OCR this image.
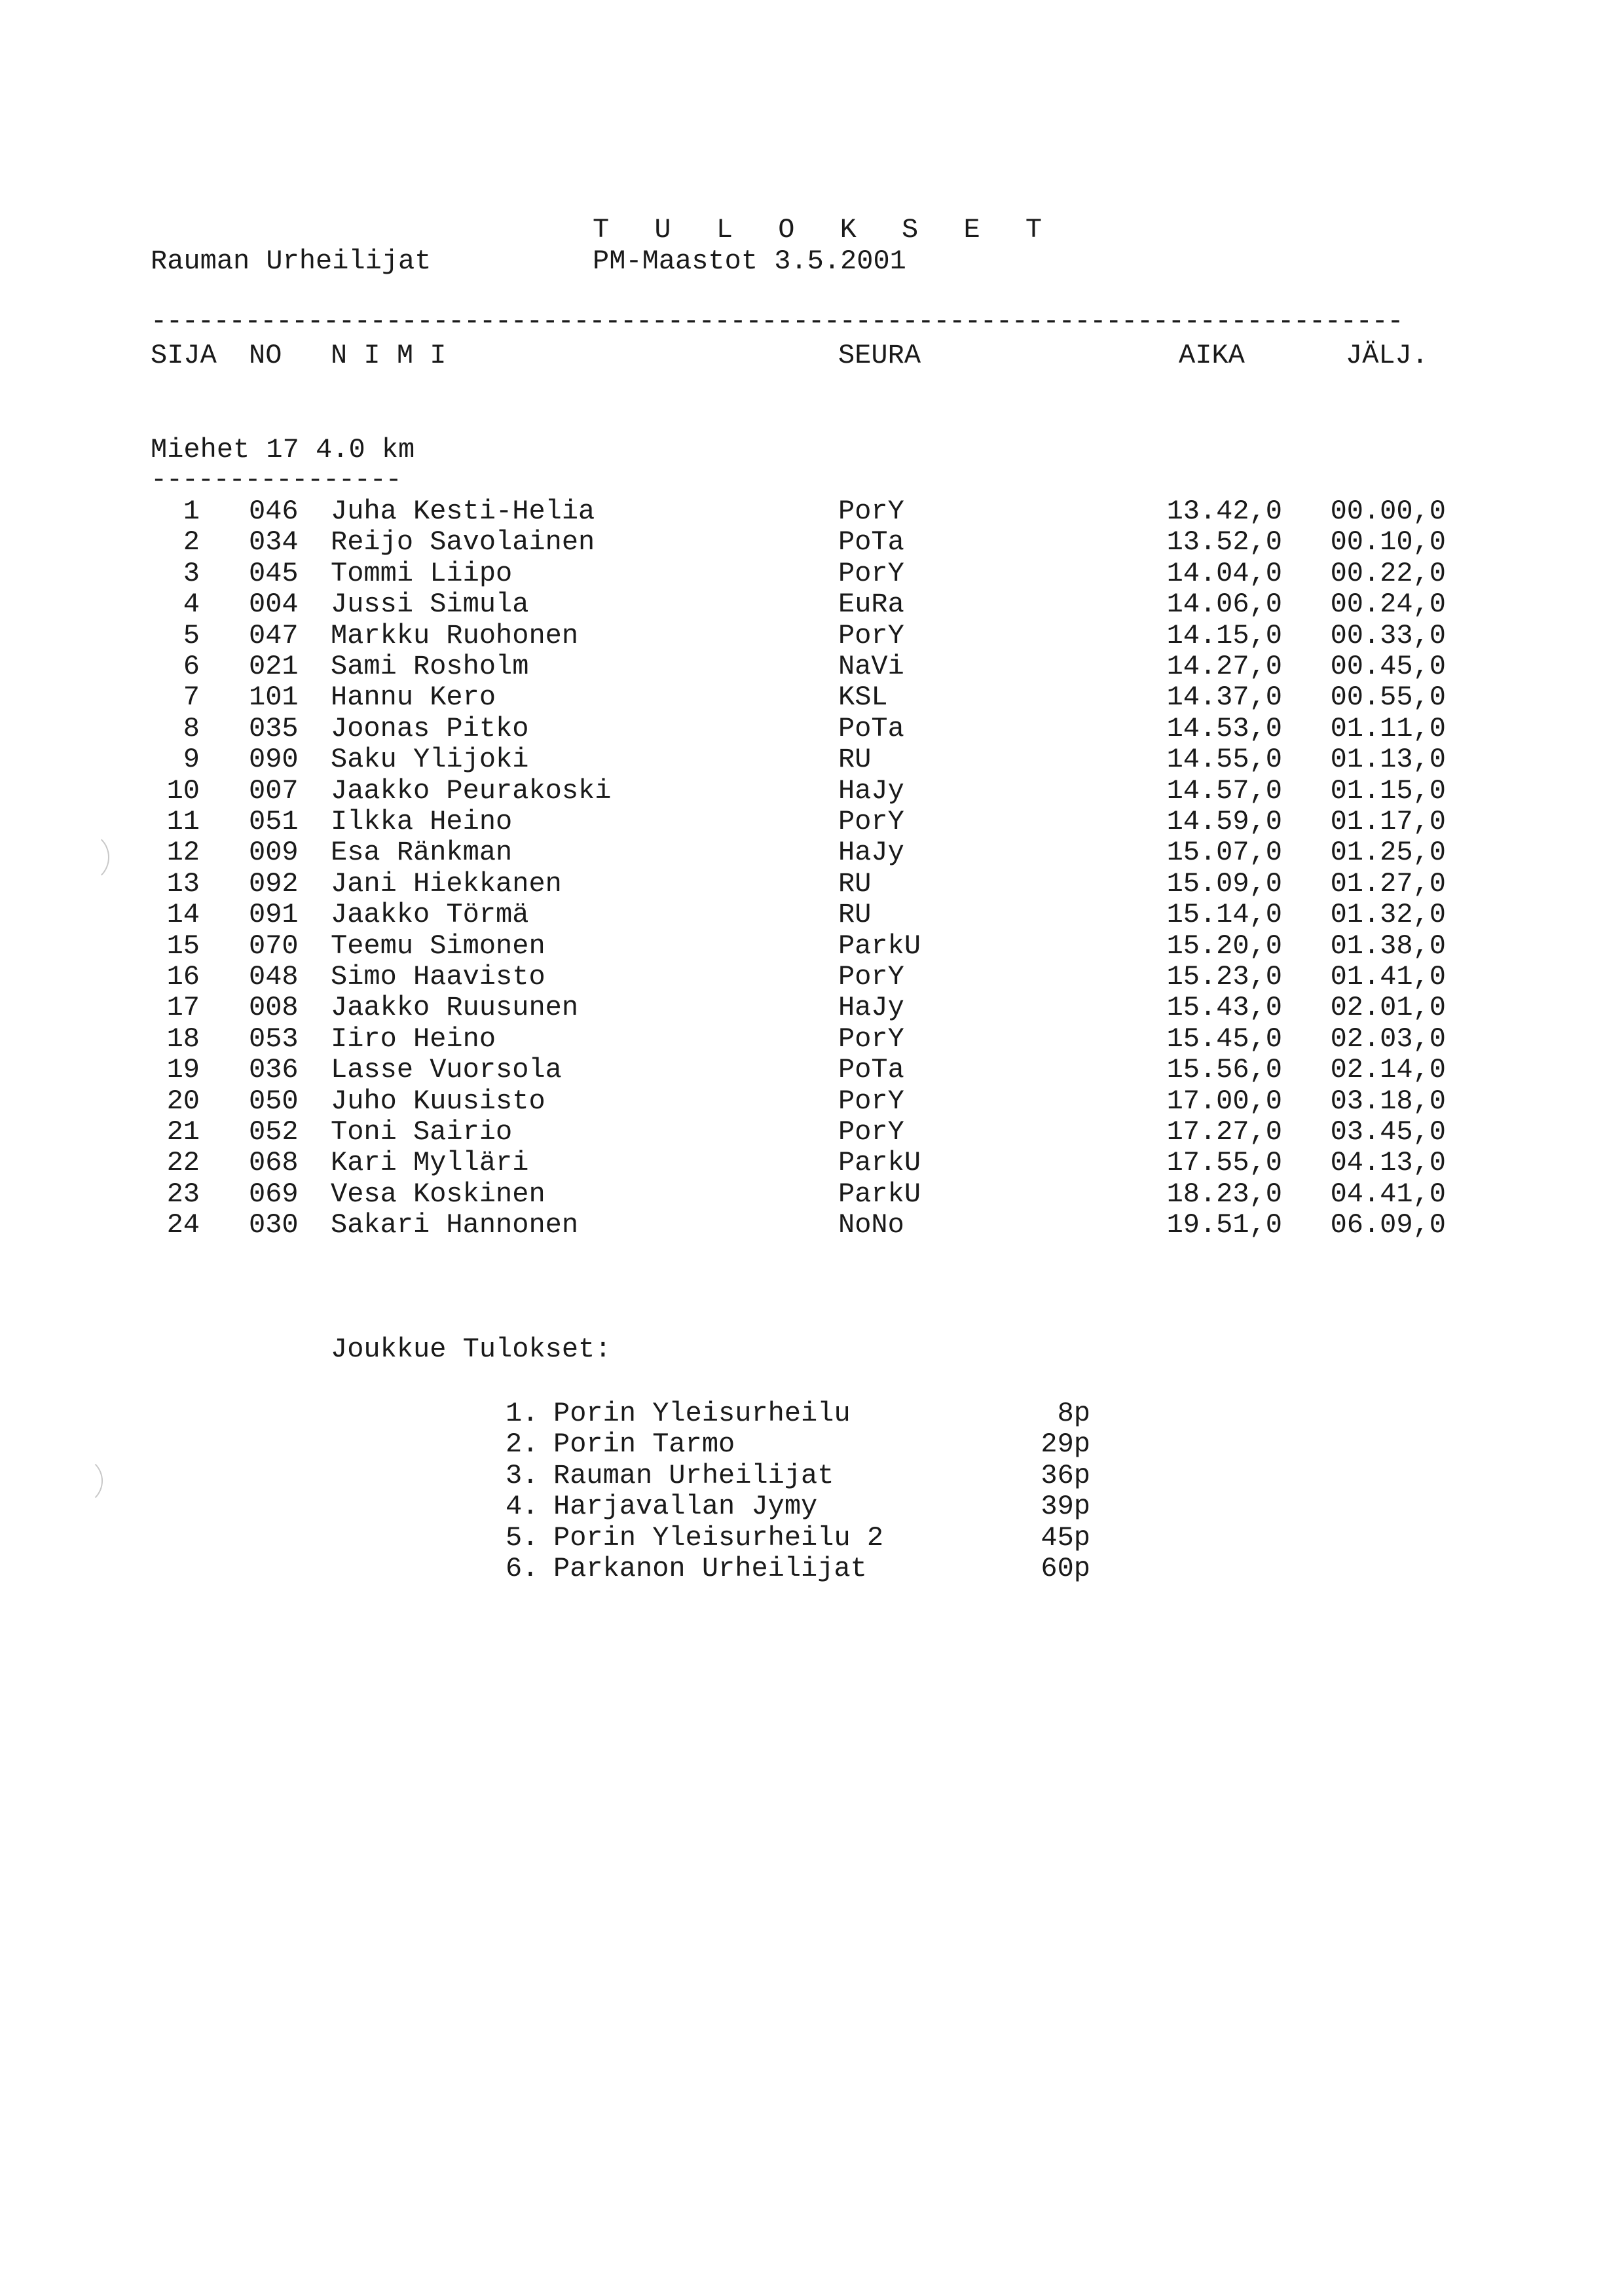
T U L O K S E T
Rauman Urheilijat	PM-Maastot 3.5.2001
--------------------------------------------------------------------------------
SIJA NO N I M I	SEURA	AIKA	JÄLJ.
Miehet 17 4.0 km
----------------
1 046 Juha Kesti-Helia	PorY	13.42,0 00.00,0
2 034 Reijo Savolainen	PoTa	13.52,0 00.10,0
3 045 Tommi Liipo	PorY	14.04,0 00.22,0
4 004 Jussi Simula	EuRa	14.06,0 00.24,0
5 047 Markku Ruohonen	PorY	14.15,0 00.33,0
6 021 Sami Rosholm	NaVi	14.27,0 00.45,0
7 101 Hannu Kero	KSL	14.37,0 00.55,0
8 035 Joonas Pitko	PoTa	14.53,0 01.11,0
9 090 Saku Ylijoki	RU	14.55,0 01.13,0
10 007 Jaakko Peurakoski	HaJy	14.57,0 01.15,0
11 051 Ilkka Heino	PorY	14.59,0 01.17,0
12 009 Esa Ränkman	HaJy	15.07,0 01.25,0
13 092 Jani Hiekkanen	RU	15.09,0 01.27,0
14 091 Jaakko Törmä	RU	15.14,0 01.32,0
15 070 Teemu Simonen	ParkU	15.20,0 01.38,0
16 048 Simo Haavisto	PorY	15.23,0 01.41,0
17 008 Jaakko Ruusunen	HaJy	15.43,0 02.01,0
18 053 Iiro Heino	PorY	15.45,0 02.03,0
19 036 Lasse Vuorsola	PoTa	15.56,0 02.14,0
20 050 Juho Kuusisto	PorY	17.00,0 03.18,0
21 052 Toni Sairio	PorY	17.27,0 03.45,0
22 068 Kari Mylläri	ParkU	17.55,0 04.13,0
23 069 Vesa Koskinen	ParkU	18.23,0 04.41,0
24 030 Sakari Hannonen	NoNo	19.51,0 06.09,0
Joukkue Tulokset:
1. Porin Yleisurheilu	8p
2. Porin Tarmo	29p
3. Rauman Urheilijat	36p
4. Harjavallan Jymy	39p
5. Porin Yleisurheilu 2	45p
6. Parkanon Urheilijat	60p
